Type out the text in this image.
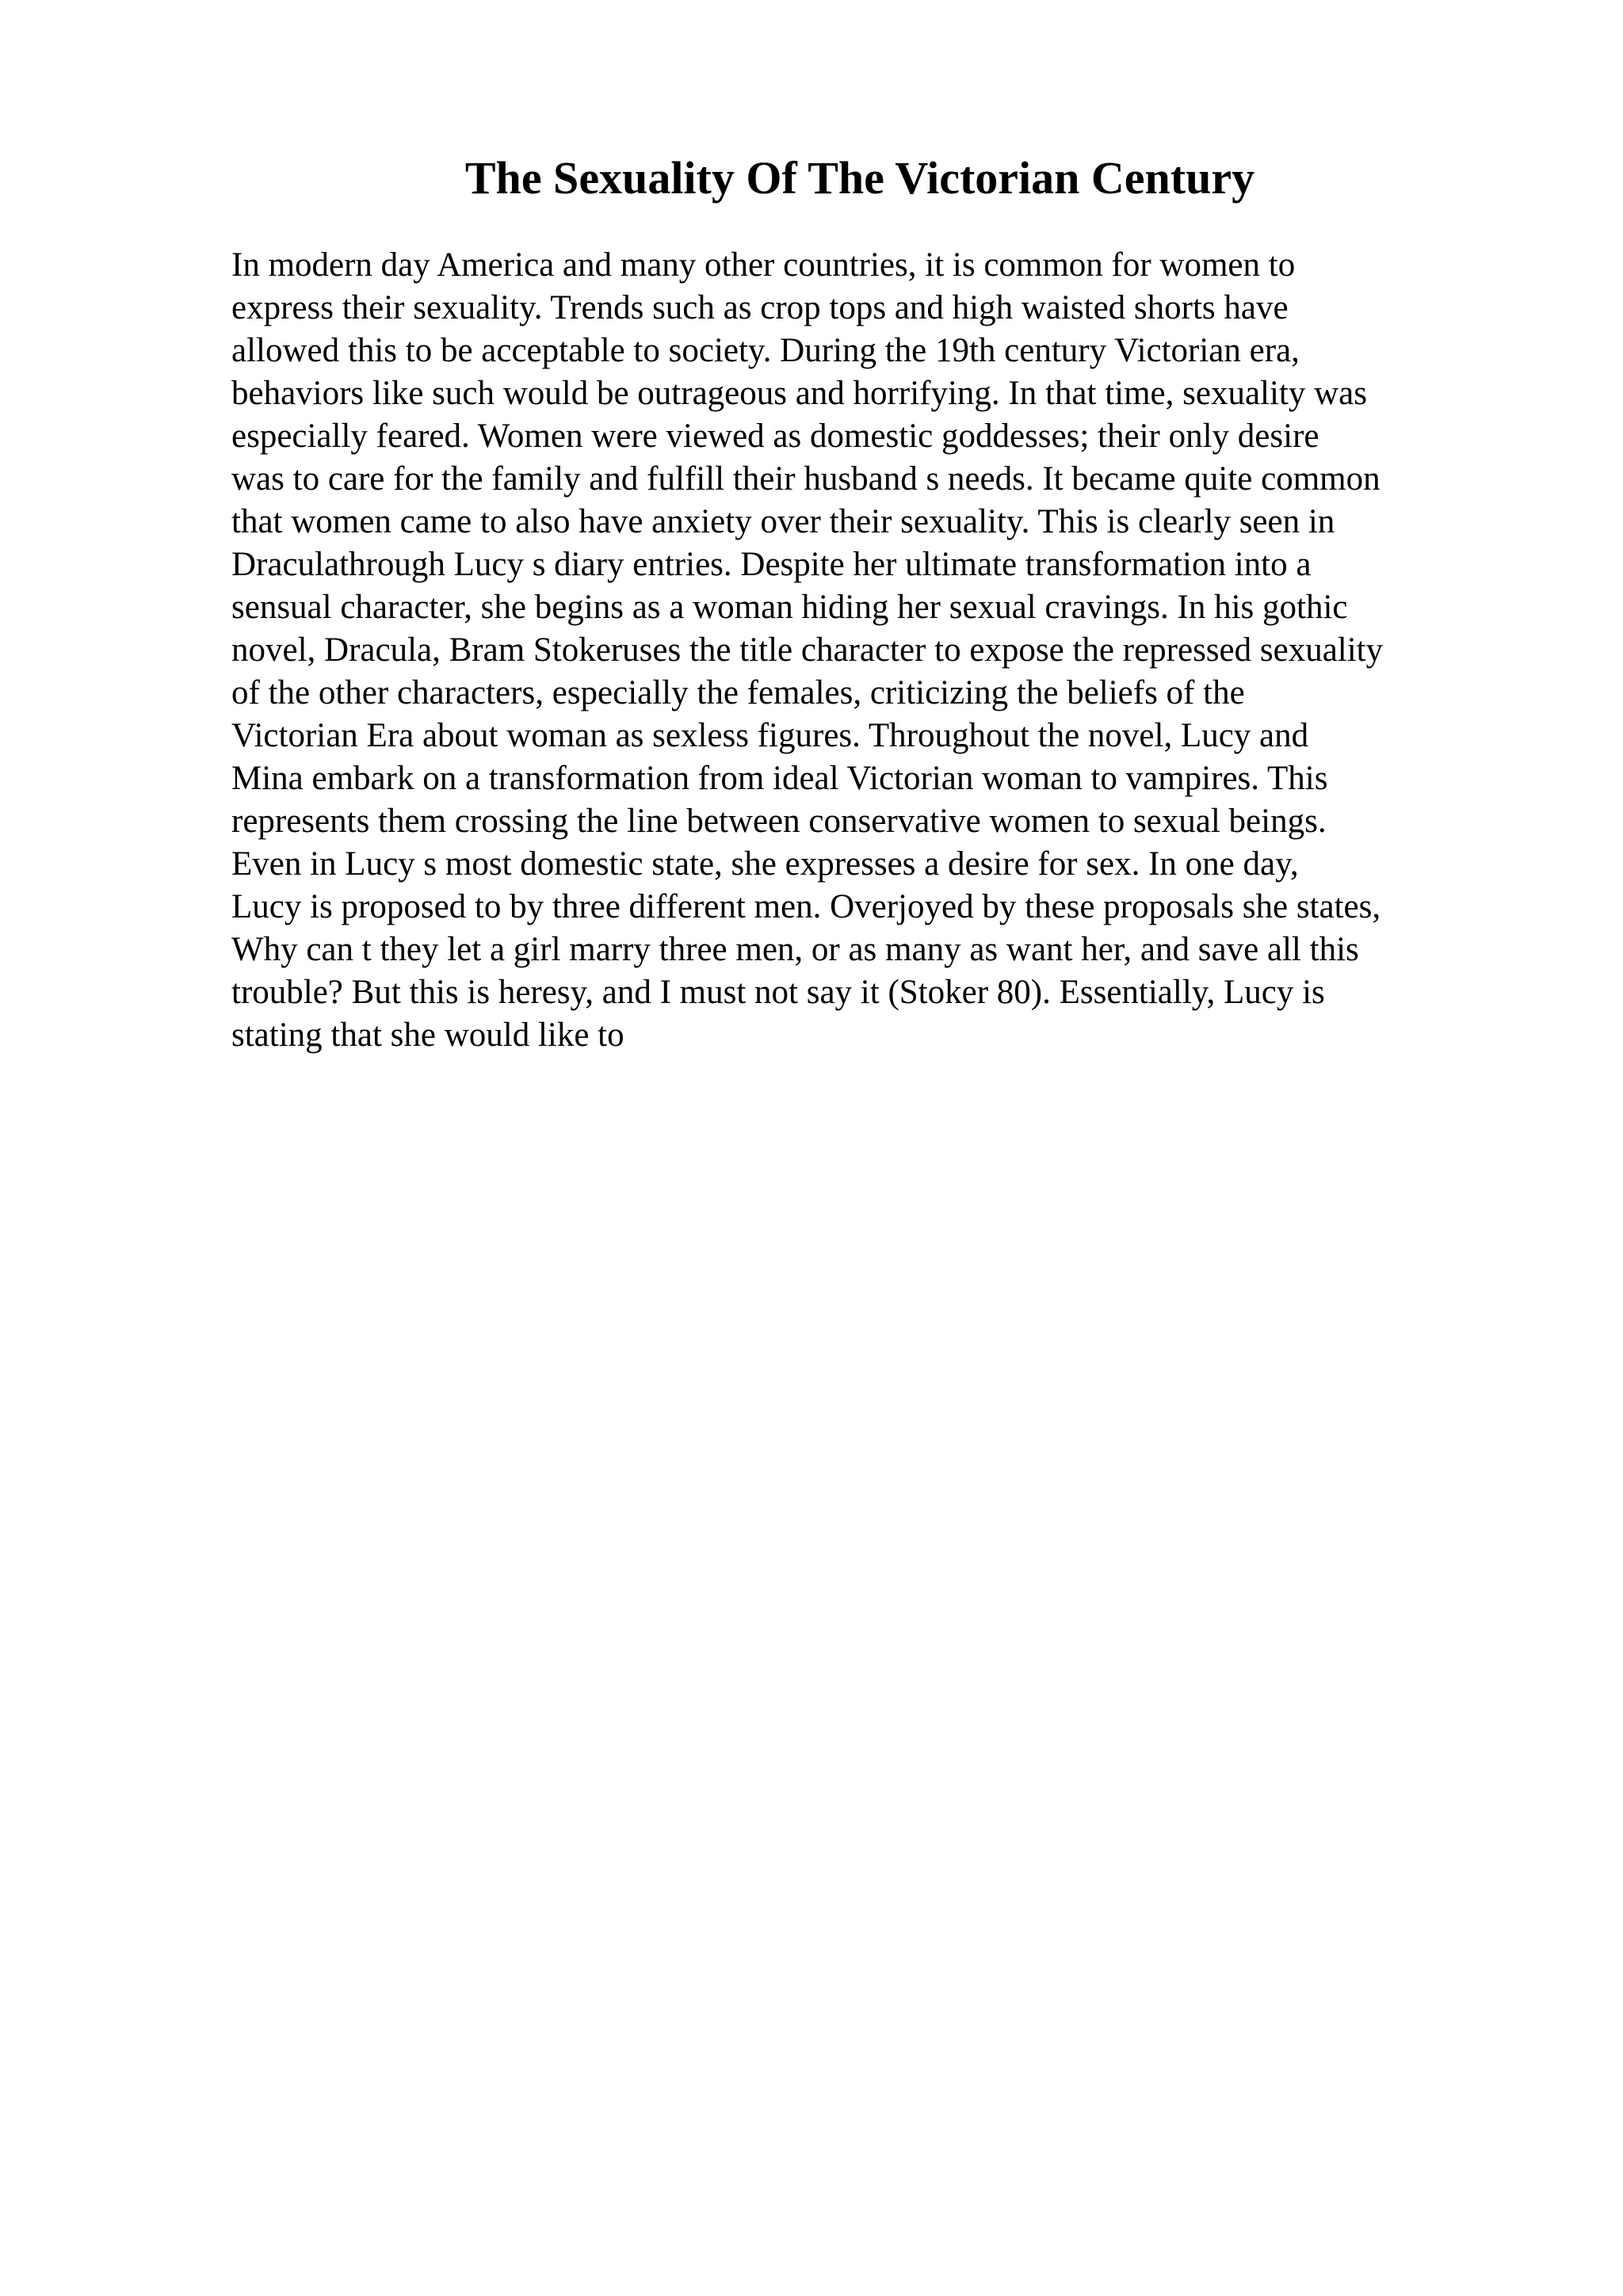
The Sexuality Of The Victorian Century
In modern day America and many other countries, it is common for women to
express their sexuality. Trends such as crop tops and high waisted shorts have
allowed this to be acceptable to society. During the 19th century Victorian era,
behaviors like such would be outrageous and horrifying. In that time, sexuality was
especially feared. Women were viewed as domestic goddesses; their only desire
was to care for the family and fulfill their husband s needs. It became quite common
that women came to also have anxiety over their sexuality. This is clearly seen in
Draculathrough Lucy s diary entries. Despite her ultimate transformation into a
sensual character, she begins as a woman hiding her sexual cravings. In his gothic
novel, Dracula, Bram Stokeruses the title character to expose the repressed sexuality
of the other characters, especially the females, criticizing the beliefs of the
Victorian Era about woman as sexless figures. Throughout the novel, Lucy and
Mina embark on a transformation from ideal Victorian woman to vampires. This
represents them crossing the line between conservative women to sexual beings.
Even in Lucy s most domestic state, she expresses a desire for sex. In one day,
Lucy is proposed to by three different men. Overjoyed by these proposals she states,
Why can t they let a girl marry three men, or as many as want her, and save all this
trouble? But this is heresy, and I must not say it (Stoker 80). Essentially, Lucy is
stating that she would like to
